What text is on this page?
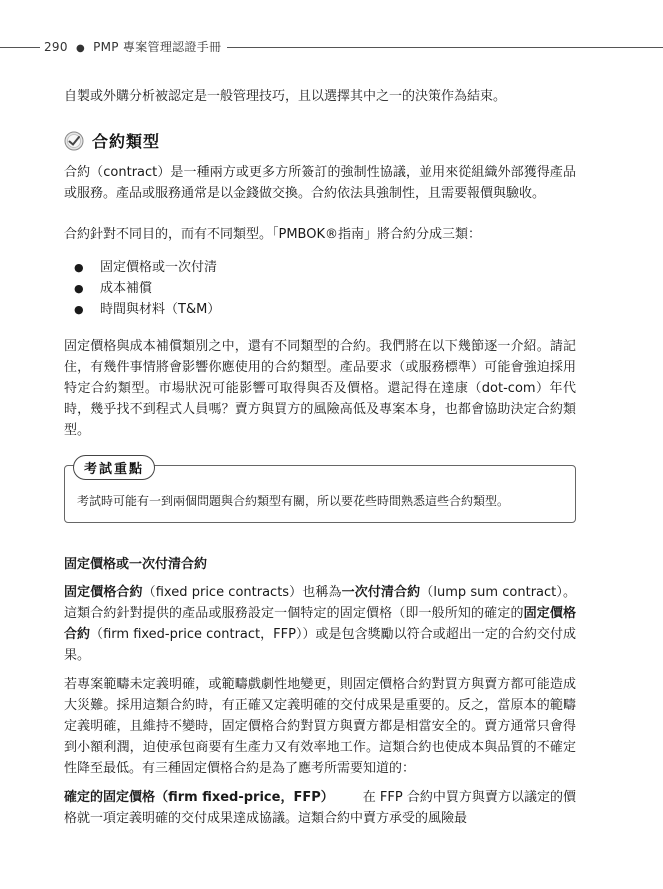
290 ● PMP 專案管理認證手冊

自製或外購分析被認定是一般管理技巧，且以選擇其中之一的決策作為結束。

合約類型

合約（contract）是一種兩方或更多方所簽訂的強制性協議，並用來從組織外部獲得產品或服務。產品或服務通常是以金錢做交換。合約依法具強制性，且需要報價與驗收。

合約針對不同目的，而有不同類型。「PMBOK®指南」將合約分成三類：

●	固定價格或一次付清
●	成本補償
●	時間與材料（T&M）

固定價格與成本補償類別之中，還有不同類型的合約。我們將在以下幾節逐一介紹。請記住，有幾件事情將會影響你應使用的合約類型。產品要求（或服務標準）可能會強迫採用特定合約類型。市場狀況可能影響可取得與否及價格。還記得在達康（dot-com）年代時，幾乎找不到程式人員嗎？賣方與買方的風險高低及專案本身，也都會協助決定合約類型。

考試重點

考試時可能有一到兩個問題與合約類型有關，所以要花些時間熟悉這些合約類型。

固定價格或一次付清合約

固定價格合約（fixed price contracts）也稱為一次付清合約（lump sum contract）。這類合約針對提供的產品或服務設定一個特定的固定價格（即一般所知的確定的固定價格合約（firm fixed-price contract，FFP））或是包含獎勵以符合或超出一定的合約交付成果。

若專案範疇未定義明確，或範疇戲劇性地變更，則固定價格合約對買方與賣方都可能造成大災難。採用這類合約時，有正確又定義明確的交付成果是重要的。反之，當原本的範疇定義明確，且維持不變時，固定價格合約對買方與賣方都是相當安全的。賣方通常只會得到小額利潤，迫使承包商要有生產力又有效率地工作。這類合約也使成本與品質的不確定性降至最低。有三種固定價格合約是為了應考所需要知道的：

確定的固定價格（firm fixed-price，FFP） 在 FFP 合約中買方與賣方以議定的價格就一項定義明確的交付成果達成協議。這類合約中賣方承受的風險最
